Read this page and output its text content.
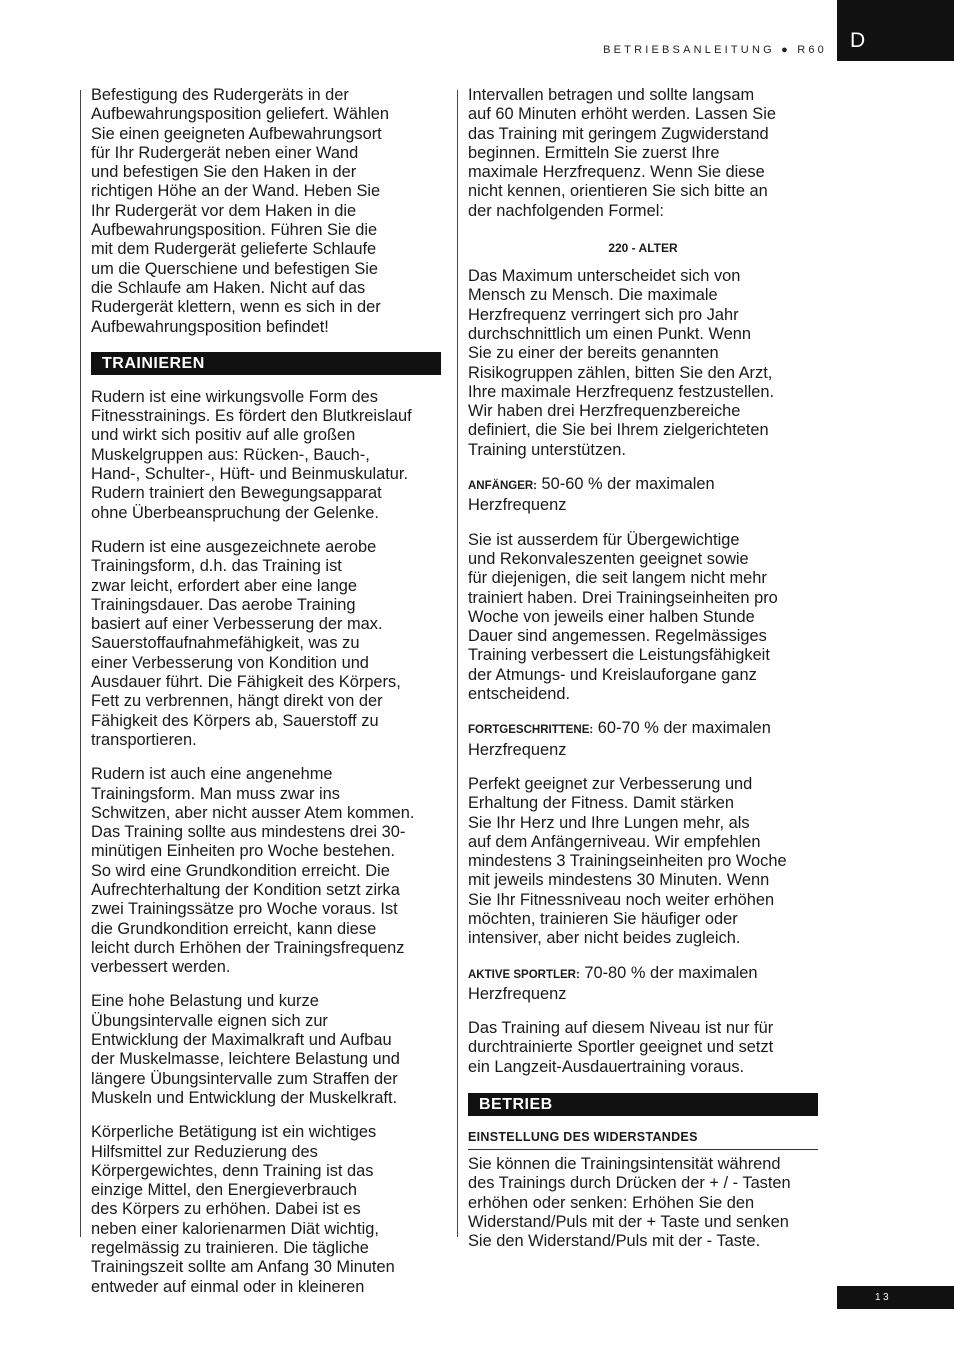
D
BETRIEBSANLEITUNG ● R60

Befestigung des Rudergeräts in der
Aufbewahrungsposition geliefert. Wählen
Sie einen geeigneten Aufbewahrungsort
für Ihr Rudergerät neben einer Wand
und befestigen Sie den Haken in der
richtigen Höhe an der Wand. Heben Sie
Ihr Rudergerät vor dem Haken in die
Aufbewahrungsposition. Führen Sie die
mit dem Rudergerät gelieferte Schlaufe
um die Querschiene und befestigen Sie
die Schlaufe am Haken. Nicht auf das
Rudergerät klettern, wenn es sich in der
Aufbewahrungsposition befindet!

TRAINIEREN

Rudern ist eine wirkungsvolle Form des
Fitnesstrainings. Es fördert den Blutkreislauf
und wirkt sich positiv auf alle großen
Muskelgruppen aus: Rücken-, Bauch-,
Hand-, Schulter-, Hüft- und Beinmuskulatur.
Rudern trainiert den Bewegungsapparat
ohne Überbeanspruchung der Gelenke.

Rudern ist eine ausgezeichnete aerobe
Trainingsform, d.h. das Training ist
zwar leicht, erfordert aber eine lange
Trainingsdauer. Das aerobe Training
basiert auf einer Verbesserung der max.
Sauerstoffaufnahmefähigkeit, was zu
einer Verbesserung von Kondition und
Ausdauer führt. Die Fähigkeit des Körpers,
Fett zu verbrennen, hängt direkt von der
Fähigkeit des Körpers ab, Sauerstoff zu
transportieren.

Rudern ist auch eine angenehme
Trainingsform. Man muss zwar ins
Schwitzen, aber nicht ausser Atem kommen.
Das Training sollte aus mindestens drei 30-
minütigen Einheiten pro Woche bestehen.
So wird eine Grundkondition erreicht. Die
Aufrechterhaltung der Kondition setzt zirka
zwei Trainingssätze pro Woche voraus. Ist
die Grundkondition erreicht, kann diese
leicht durch Erhöhen der Trainingsfrequenz
verbessert werden.

Eine hohe Belastung und kurze
Übungsintervalle eignen sich zur
Entwicklung der Maximalkraft und Aufbau
der Muskelmasse, leichtere Belastung und
längere Übungsintervalle zum Straffen der
Muskeln und Entwicklung der Muskelkraft.

Körperliche Betätigung ist ein wichtiges
Hilfsmittel zur Reduzierung des
Körpergewichtes, denn Training ist das
einzige Mittel, den Energieverbrauch
des Körpers zu erhöhen. Dabei ist es
neben einer kalorienarmen Diät wichtig,
regelmässig zu trainieren. Die tägliche
Trainingszeit sollte am Anfang 30 Minuten
entweder auf einmal oder in kleineren

Intervallen betragen und sollte langsam
auf 60 Minuten erhöht werden. Lassen Sie
das Training mit geringem Zugwiderstand
beginnen. Ermitteln Sie zuerst Ihre
maximale Herzfrequenz. Wenn Sie diese
nicht kennen, orientieren Sie sich bitte an
der nachfolgenden Formel:

220 - ALTER

Das Maximum unterscheidet sich von
Mensch zu Mensch. Die maximale
Herzfrequenz verringert sich pro Jahr
durchschnittlich um einen Punkt. Wenn
Sie zu einer der bereits genannten
Risikogruppen zählen, bitten Sie den Arzt,
Ihre maximale Herzfrequenz festzustellen.
Wir haben drei Herzfrequenzbereiche
definiert, die Sie bei Ihrem zielgerichteten
Training unterstützen.

ANFÄNGER: 50-60 % der maximalen
Herzfrequenz

Sie ist ausserdem für Übergewichtige
und Rekonvaleszenten geeignet sowie
für diejenigen, die seit langem nicht mehr
trainiert haben. Drei Trainingseinheiten pro
Woche von jeweils einer halben Stunde
Dauer sind angemessen. Regelmässiges
Training verbessert die Leistungsfähigkeit
der Atmungs- und Kreislauforgane ganz
entscheidend.

FORTGESCHRITTENE: 60-70 % der maximalen
Herzfrequenz

Perfekt geeignet zur Verbesserung und
Erhaltung der Fitness. Damit stärken
Sie Ihr Herz und Ihre Lungen mehr, als
auf dem Anfängerniveau. Wir empfehlen
mindestens 3 Trainingseinheiten pro Woche
mit jeweils mindestens 30 Minuten. Wenn
Sie Ihr Fitnessniveau noch weiter erhöhen
möchten, trainieren Sie häufiger oder
intensiver, aber nicht beides zugleich.

AKTIVE SPORTLER: 70-80 % der maximalen
Herzfrequenz

Das Training auf diesem Niveau ist nur für
durchtrainierte Sportler geeignet und setzt
ein Langzeit-Ausdauertraining voraus.

BETRIEB
EINSTELLUNG DES WIDERSTANDES

Sie können die Trainingsintensität während
des Trainings durch Drücken der + / - Tasten
erhöhen oder senken: Erhöhen Sie den
Widerstand/Puls mit der + Taste und senken
Sie den Widerstand/Puls mit der - Taste.

13
